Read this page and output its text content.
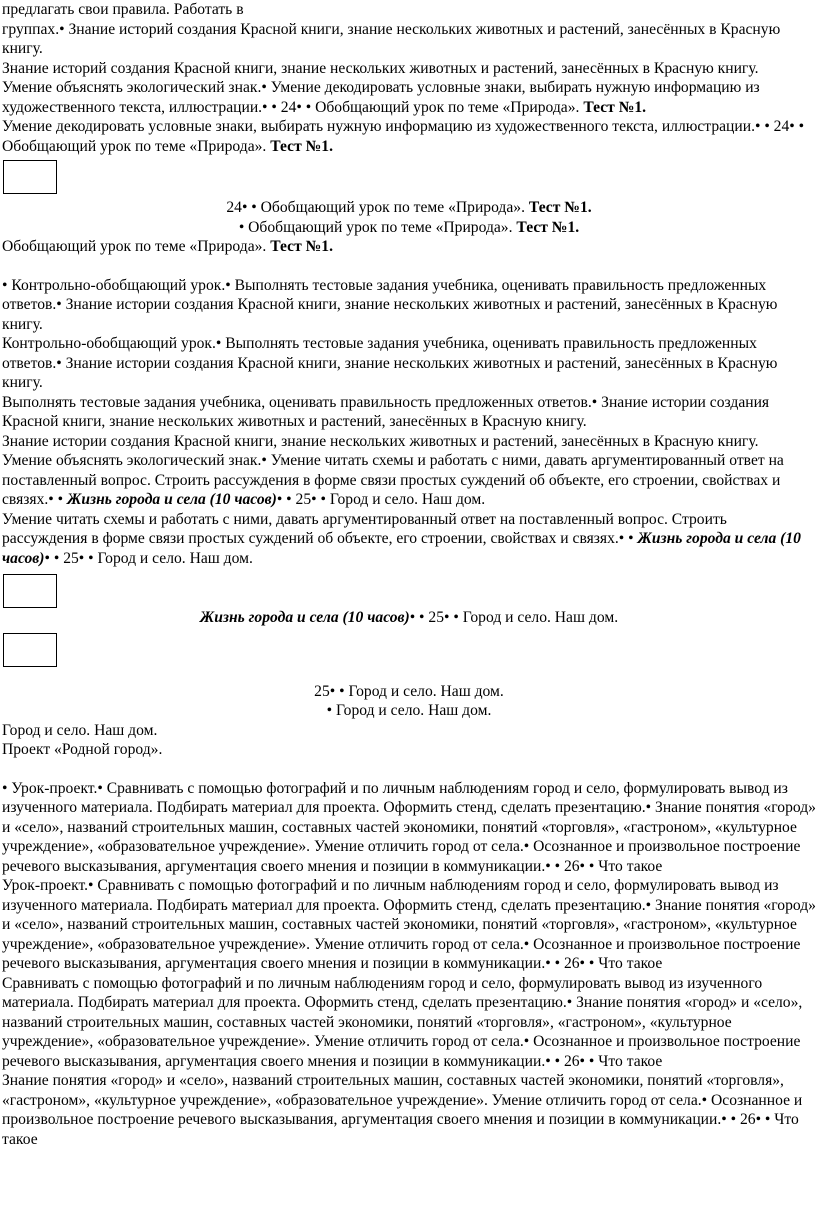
предлагать свои правила. Работать в

группах.• Знание историй создания Красной книги, знание нескольких животных и растений, занесённых в Красную книгу.

Знание историй создания Красной книги, знание нескольких животных и растений, занесённых в Красную книгу.

Умение объяснять экологический знак.• Умение декодировать условные знаки, выбирать нужную информацию из художественного текста, иллюстрации.• • 24• • Обобщающий урок по теме «Природа». Тест №1.

Умение декодировать условные знаки, выбирать нужную информацию из художественного текста, иллюстрации.• • 24• • Обобщающий урок по теме «Природа». Тест №1.

24• • Обобщающий урок по теме «Природа». Тест №1.

• Обобщающий урок по теме «Природа». Тест №1.

Обобщающий урок по теме «Природа». Тест №1.

• Контрольно-обобщающий урок.• Выполнять тестовые задания учебника, оценивать правильность предложенных ответов.• Знание истории создания Красной книги, знание нескольких животных и растений, занесённых в Красную книгу.

Контрольно-обобщающий урок.• Выполнять тестовые задания учебника, оценивать правильность предложенных ответов.• Знание истории создания Красной книги, знание нескольких животных и растений, занесённых в Красную книгу.

Выполнять тестовые задания учебника, оценивать правильность предложенных ответов.• Знание истории создания Красной книги, знание нескольких животных и растений, занесённых в Красную книгу.

Знание истории создания Красной книги, знание нескольких животных и растений, занесённых в Красную книгу.

Умение объяснять экологический знак.• Умение читать схемы и работать с ними, давать аргументированный ответ на поставленный вопрос. Строить рассуждения в форме связи простых суждений об объекте, его строении, свойствах и связях.• • Жизнь города и села (10 часов)• • 25• • Город и село. Наш дом.

Умение читать схемы и работать с ними, давать аргументированный ответ на поставленный вопрос. Строить рассуждения в форме связи простых суждений об объекте, его строении, свойствах и связях.• • Жизнь города и села (10 часов)• • 25• • Город и село. Наш дом.

Жизнь города и села (10 часов)• • 25• • Город и село. Наш дом.

25• • Город и село. Наш дом.

• Город и село. Наш дом.

Город и село. Наш дом.

Проект «Родной город».

• Урок-проект.• Сравнивать с помощью фотографий и по личным наблюдениям город и село, формулировать вывод из изученного материала. Подбирать материал для проекта. Оформить стенд, сделать презентацию.• Знание понятия «город» и «село», названий строительных машин, составных частей экономики, понятий «торговля», «гастроном», «культурное учреждение», «образовательное учреждение». Умение отличить город от села.• Осознанное и произвольное построение речевого высказывания, аргументация своего мнения и позиции в коммуникации.• • 26• • Что такое

Урок-проект.• Сравнивать с помощью фотографий и по личным наблюдениям город и село, формулировать вывод из изученного материала. Подбирать материал для проекта. Оформить стенд, сделать презентацию.• Знание понятия «город» и «село», названий строительных машин, составных частей экономики, понятий «торговля», «гастроном», «культурное учреждение», «образовательное учреждение». Умение отличить город от села.• Осознанное и произвольное построение речевого высказывания, аргументация своего мнения и позиции в коммуникации.• • 26• • Что такое

Сравнивать с помощью фотографий и по личным наблюдениям город и село, формулировать вывод из изученного материала. Подбирать материал для проекта. Оформить стенд, сделать презентацию.• Знание понятия «город» и «село», названий строительных машин, составных частей экономики, понятий «торговля», «гастроном», «культурное учреждение», «образовательное учреждение». Умение отличить город от села.• Осознанное и произвольное построение речевого высказывания, аргументация своего мнения и позиции в коммуникации.• • 26• • Что такое

Знание понятия «город» и «село», названий строительных машин, составных частей экономики, понятий «торговля», «гастроном», «культурное учреждение», «образовательное учреждение». Умение отличить город от села.• Осознанное и произвольное построение речевого высказывания, аргументация своего мнения и позиции в коммуникации.• • 26• • Что такое
